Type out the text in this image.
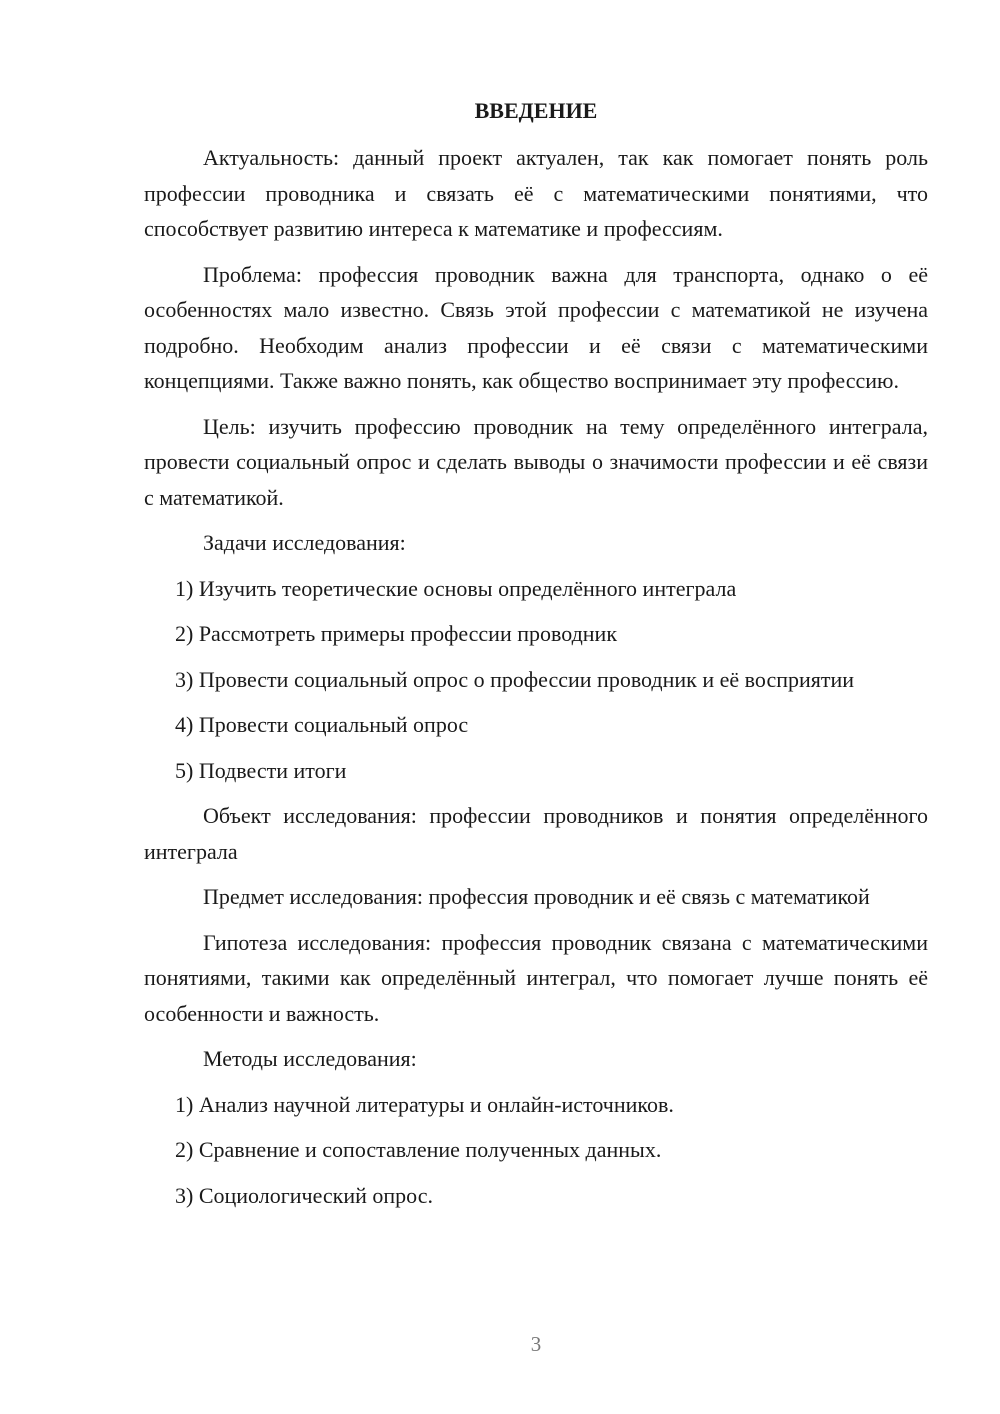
ВВЕДЕНИЕ

Актуальность: данный проект актуален, так как помогает понять роль профессии проводника и связать её с математическими понятиями, что способствует развитию интереса к математике и профессиям.

Проблема: профессия проводник важна для транспорта, однако о её особенностях мало известно. Связь этой профессии с математикой не изучена подробно. Необходим анализ профессии и её связи с математическими концепциями. Также важно понять, как общество воспринимает эту профессию.

Цель: изучить профессию проводник на тему определённого интеграла, провести социальный опрос и сделать выводы о значимости профессии и её связи с математикой.

Задачи исследования:

1) Изучить теоретические основы определённого интеграла

2) Рассмотреть примеры профессии проводник

3) Провести социальный опрос о профессии проводник и её восприятии

4) Провести социальный опрос

5) Подвести итоги

Объект исследования: профессии проводников и понятия определённого интеграла

Предмет исследования: профессия проводник и её связь с математикой

Гипотеза исследования: профессия проводник связана с математическими понятиями, такими как определённый интеграл, что помогает лучше понять её особенности и важность.

Методы исследования:

1) Анализ научной литературы и онлайн-источников.

2) Сравнение и сопоставление полученных данных.

3) Социологический опрос.

3
